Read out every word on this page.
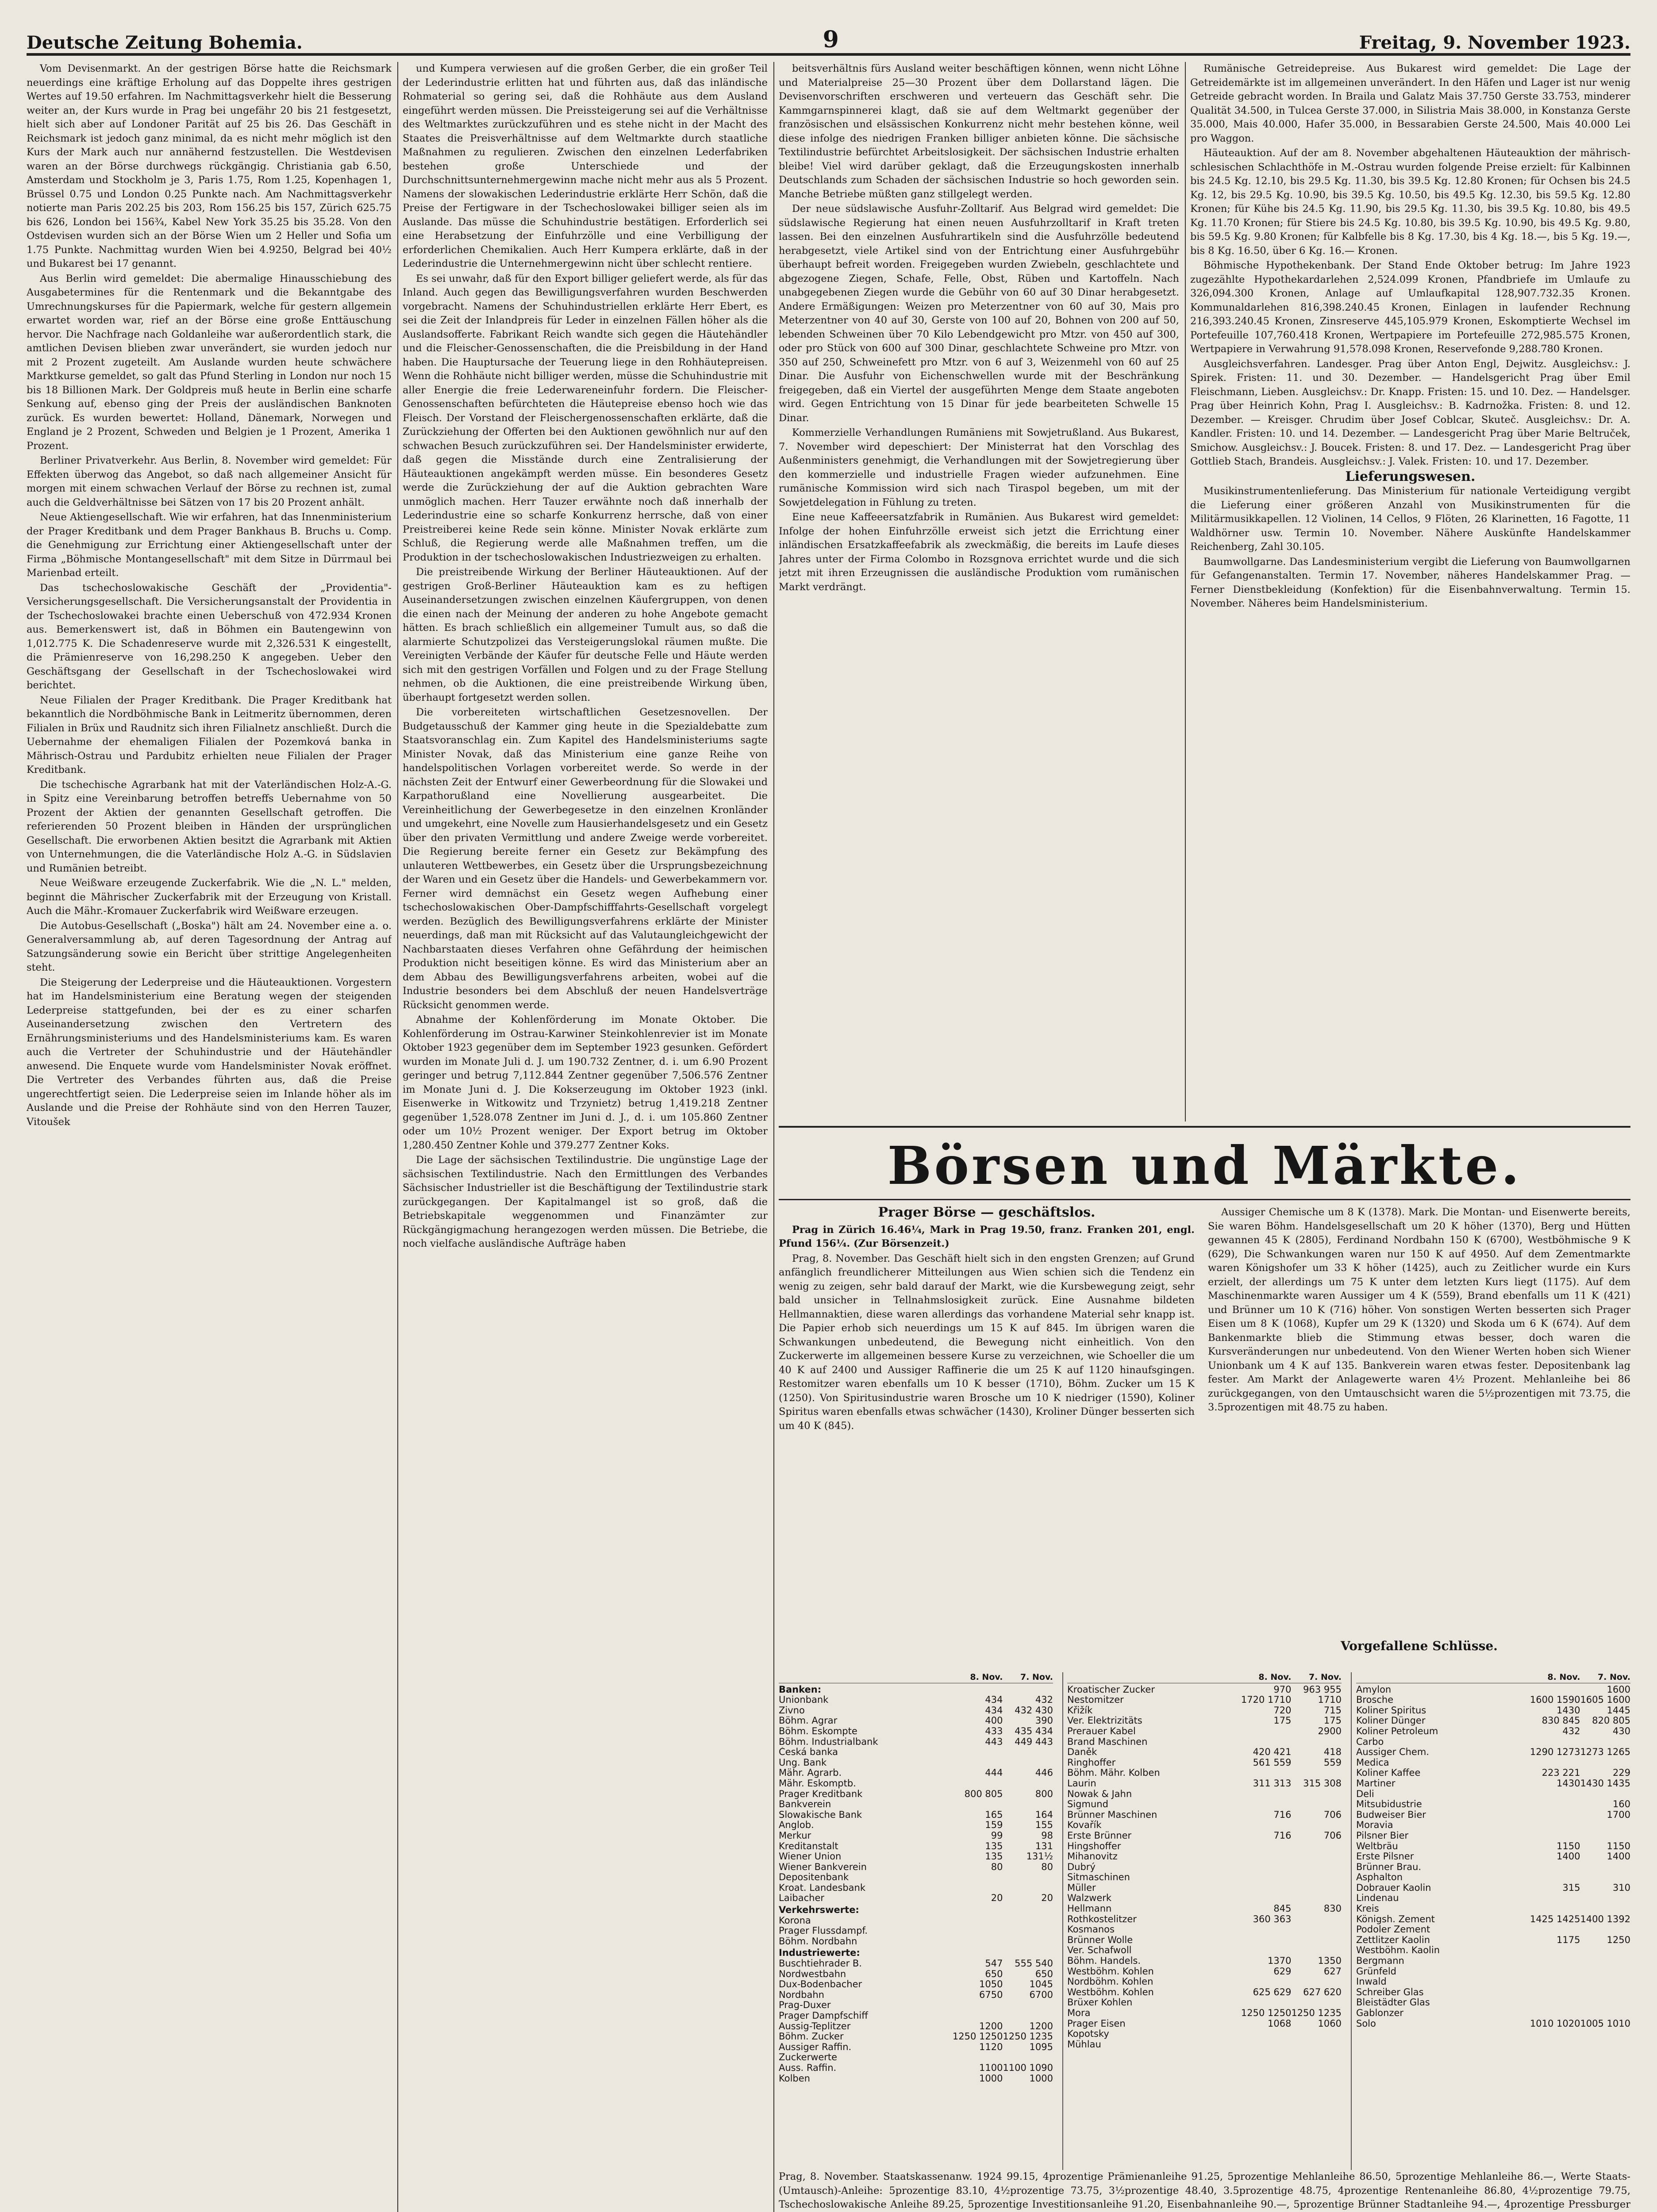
Deutsche Zeitung Bohemia.	9	Freitag, 9. November 1923.

Vom Devisenmarkt. An der gestrigen Börse hatte die Reichsmark neuerdings eine kräftige Erholung auf das Doppelte ihres gestrigen Wertes auf 19.50 erfahren. Im Nachmittagsverkehr hielt die Besserung weiter an, der Kurs wurde in Prag bei ungefähr 20 bis 21 festgesetzt, hielt sich aber auf Londoner Parität auf 25 bis 26. Das Geschäft in Reichsmark ist jedoch ganz minimal, da es nicht mehr möglich ist den Kurs der Mark auch nur annähernd festzustellen. Die Westdevisen waren an der Börse durchwegs rückgängig. Christiania gab 6.50, Amsterdam und Stockholm je 3, Paris 1.75, Rom 1.25, Kopenhagen 1, Brüssel 0.75 und London 0.25 Punkte nach. Am Nachmittagsverkehr notierte man Paris 202.25 bis 203, Rom 156.25 bis 157, Zürich 625.75 bis 626, London bei 156¾, Kabel New York 35.25 bis 35.28. Von den Ostdevisen wurden sich an der Börse Wien um 2 Heller und Sofia um 1.75 Punkte. Nachmittag wurden Wien bei 4.9250, Belgrad bei 40½ und Bukarest bei 17 genannt.

Aus Berlin wird gemeldet: Die abermalige Hinausschiebung des Ausgabetermines für die Rentenmark und die Bekanntgabe des Umrechnungskurses für die Papiermark, welche für gestern allgemein erwartet worden war, rief an der Börse eine große Enttäuschung hervor. Die Nachfrage nach Goldanleihe war außerordentlich stark, die amtlichen Devisen blieben zwar unverändert, sie wurden jedoch nur mit 2 Prozent zugeteilt. Am Auslande wurden heute schwächere Marktkurse gemeldet, so galt das Pfund Sterling in London nur noch 15 bis 18 Billionen Mark. Der Goldpreis muß heute in Berlin eine scharfe Senkung auf, ebenso ging der Preis der ausländischen Banknoten zurück. Es wurden bewertet: Holland, Dänemark, Norwegen und England je 2 Prozent, Schweden und Belgien je 1 Prozent, Amerika 1 Prozent.

Berliner Privatverkehr. Aus Berlin, 8. November wird gemeldet: Für Effekten überwog das Angebot, so daß nach allgemeiner Ansicht für morgen mit einem schwachen Verlauf der Börse zu rechnen ist, zumal auch die Geldverhältnisse bei Sätzen von 17 bis 20 Prozent anhält.

Neue Aktiengesellschaft. Wie wir erfahren, hat das Innenministerium der Prager Kreditbank und dem Prager Bankhaus B. Bruchs u. Comp. die Genehmigung zur Errichtung einer Aktiengesellschaft unter der Firma „Böhmische Montangesellschaft" mit dem Sitze in Dürrmaul bei Marienbad erteilt.

Das tschechoslowakische Geschäft der „Providentia"-Versicherungsgesellschaft. Die Versicherungsanstalt der Providentia in der Tschechoslowakei brachte einen Ueberschuß von 472.934 Kronen aus. Bemerkenswert ist, daß in Böhmen ein Bautengewinn von 1,012.775 K. Die Schadenreserve wurde mit 2,326.531 K eingestellt, die Prämienreserve von 16,298.250 K angegeben. Ueber den Geschäftsgang der Gesellschaft in der Tschechoslowakei wird berichtet.

Neue Filialen der Prager Kreditbank. Die Prager Kreditbank hat bekanntlich die Nordböhmische Bank in Leitmeritz übernommen, deren Filialen in Brüx und Raudnitz sich ihren Filialnetz anschließt. Durch die Uebernahme der ehemaligen Filialen der Pozemková banka in Mährisch-Ostrau und Pardubitz erhielten neue Filialen der Prager Kreditbank.

Die tschechische Agrarbank hat mit der Vaterländischen Holz-A.-G. in Spitz eine Vereinbarung betroffen betreffs Uebernahme von 50 Prozent der Aktien der genannten Gesellschaft getroffen. Die referierenden 50 Prozent bleiben in Händen der ursprünglichen Gesellschaft. Die erworbenen Aktien besitzt die Agrarbank mit Aktien von Unternehmungen, die die Vaterländische Holz A.-G. in Südslavien und Rumänien betreibt.

Neue Weißware erzeugende Zuckerfabrik. Wie die „N. L." melden, beginnt die Mährischer Zuckerfabrik mit der Erzeugung von Kristall. Auch die Mähr.-Kromauer Zuckerfabrik wird Weißware erzeugen.

Die Autobus-Gesellschaft („Boska") hält am 24. November eine a. o. Generalversammlung ab, auf deren Tagesordnung der Antrag auf Satzungsänderung sowie ein Bericht über strittige Angelegenheiten steht.

Die Steigerung der Lederpreise und die Häuteauktionen. Vorgestern hat im Handelsministerium eine Beratung wegen der steigenden Lederpreise stattgefunden, bei der es zu einer scharfen Auseinandersetzung zwischen den Vertretern des Ernährungsministeriums und des Handelsministeriums kam. Es waren auch die Vertreter der Schuhindustrie und der Häutehändler anwesend. Die Enquete wurde vom Handelsminister Novak eröffnet. Die Vertreter des Verbandes führten aus, daß die Preise ungerechtfertigt seien. Die Lederpreise seien im Inlande höher als im Auslande und die Preise der Rohhäute sind von den Herren Tauzer, Vitoušek

und Kumpera verwiesen auf die großen Gerber, die ein großer Teil der Lederindustrie erlitten hat und führten aus, daß das inländische Rohmaterial so gering sei, daß die Rohhäute aus dem Ausland eingeführt werden müssen. Die Preissteigerung sei auf die Verhältnisse des Weltmarktes zurückzuführen und es stehe nicht in der Macht des Staates die Preisverhältnisse auf dem Weltmarkte durch staatliche Maßnahmen zu regulieren. Zwischen den einzelnen Lederfabriken bestehen große Unterschiede und der Durchschnittsunternehmergewinn mache nicht mehr aus als 5 Prozent. Namens der slowakischen Lederindustrie erklärte Herr Schön, daß die Preise der Fertigware in der Tschechoslowakei billiger seien als im Auslande. Das müsse die Schuhindustrie bestätigen. Erforderlich sei eine Herabsetzung der Einfuhrzölle und eine Verbilligung der erforderlichen Chemikalien. Auch Herr Kumpera erklärte, daß in der Lederindustrie die Unternehmergewinn nicht über schlecht rentiere.

Es sei unwahr, daß für den Export billiger geliefert werde, als für das Inland. Auch gegen das Bewilligungsverfahren wurden Beschwerden vorgebracht. Namens der Schuhindustriellen erklärte Herr Ebert, es sei die Zeit der Inlandpreis für Leder in einzelnen Fällen höher als die Auslandsofferte. Fabrikant Reich wandte sich gegen die Häutehändler und die Fleischer-Genossenschaften, die die Preisbildung in der Hand haben. Die Hauptursache der Teuerung liege in den Rohhäutepreisen. Wenn die Rohhäute nicht billiger werden, müsse die Schuhindustrie mit aller Energie die freie Lederwareneinfuhr fordern. Die Fleischer-Genossenschaften befürchteten die Häutepreise ebenso hoch wie das Fleisch. Der Vorstand der Fleischergenossenschaften erklärte, daß die Zurückziehung der Offerten bei den Auktionen gewöhnlich nur auf den schwachen Besuch zurückzuführen sei. Der Handelsminister erwiderte, daß gegen die Misstände durch eine Zentralisierung der Häuteauktionen angekämpft werden müsse. Ein besonderes Gesetz werde die Zurückziehung der auf die Auktion gebrachten Ware unmöglich machen. Herr Tauzer erwähnte noch daß innerhalb der Lederindustrie eine so scharfe Konkurrenz herrsche, daß von einer Preistreiberei keine Rede sein könne. Minister Novak erklärte zum Schluß, die Regierung werde alle Maßnahmen treffen, um die Produktion in der tschechoslowakischen Industriezweigen zu erhalten.

Die preistreibende Wirkung der Berliner Häuteauktionen. Auf der gestrigen Groß-Berliner Häuteauktion kam es zu heftigen Auseinandersetzungen zwischen einzelnen Käufergruppen, von denen die einen nach der Meinung der anderen zu hohe Angebote gemacht hätten. Es brach schließlich ein allgemeiner Tumult aus, so daß die alarmierte Schutzpolizei das Versteigerungslokal räumen mußte. Die Vereinigten Verbände der Käufer für deutsche Felle und Häute werden sich mit den gestrigen Vorfällen und Folgen und zu der Frage Stellung nehmen, ob die Auktionen, die eine preistreibende Wirkung üben, überhaupt fortgesetzt werden sollen.

Die vorbereiteten wirtschaftlichen Gesetzesnovellen. Der Budgetausschuß der Kammer ging heute in die Spezialdebatte zum Staatsvoranschlag ein. Zum Kapitel des Handelsministeriums sagte Minister Novak, daß das Ministerium eine ganze Reihe von handelspolitischen Vorlagen vorbereitet werde. So werde in der nächsten Zeit der Entwurf einer Gewerbeordnung für die Slowakei und Karpathorußland eine Novellierung ausgearbeitet. Die Vereinheitlichung der Gewerbegesetze in den einzelnen Kronländer und umgekehrt, eine Novelle zum Hausierhandelsgesetz und ein Gesetz über den privaten Vermittlung und andere Zweige werde vorbereitet. Die Regierung bereite ferner ein Gesetz zur Bekämpfung des unlauteren Wettbewerbes, ein Gesetz über die Ursprungsbezeichnung der Waren und ein Gesetz über die Handels- und Gewerbekammern vor. Ferner wird demnächst ein Gesetz wegen Aufhebung einer tschechoslowakischen Ober-Dampfschifffahrts-Gesellschaft vorgelegt werden. Bezüglich des Bewilligungsverfahrens erklärte der Minister neuerdings, daß man mit Rücksicht auf das Valutaungleichgewicht der Nachbarstaaten dieses Verfahren ohne Gefährdung der heimischen Produktion nicht beseitigen könne. Es wird das Ministerium aber an dem Abbau des Bewilligungsverfahrens arbeiten, wobei auf die Industrie besonders bei dem Abschluß der neuen Handelsverträge Rücksicht genommen werde.

Abnahme der Kohlenförderung im Monate Oktober. Die Kohlenförderung im Ostrau-Karwiner Steinkohlenrevier ist im Monate Oktober 1923 gegenüber dem im September 1923 gesunken. Gefördert wurden im Monate Juli d. J. um 190.732 Zentner, d. i. um 6.90 Prozent geringer und betrug 7,112.844 Zentner gegenüber 7,506.576 Zentner im Monate Juni d. J. Die Kokserzeugung im Oktober 1923 (inkl. Eisenwerke in Witkowitz und Trzynietz) betrug 1,419.218 Zentner gegenüber 1,528.078 Zentner im Juni d. J., d. i. um 105.860 Zentner oder um 10½ Prozent weniger. Der Export betrug im Oktober 1,280.450 Zentner Kohle und 379.277 Zentner Koks.

Die Lage der sächsischen Textilindustrie. Die ungünstige Lage der sächsischen Textilindustrie. Nach den Ermittlungen des Verbandes Sächsischer Industrieller ist die Beschäftigung der Textilindustrie stark zurückgegangen. Der Kapitalmangel ist so groß, daß die Betriebskapitale weggenommen und Finanzämter zur Rückgängigmachung herangezogen werden müssen. Die Betriebe, die noch vielfache ausländische Aufträge haben

beitsverhältnis fürs Ausland weiter beschäftigen können, wenn nicht Löhne und Materialpreise 25—30 Prozent über dem Dollarstand lägen. Die Devisenvorschriften erschweren und verteuern das Geschäft sehr. Die Kammgarnspinnerei klagt, daß sie auf dem Weltmarkt gegenüber der französischen und elsässischen Konkurrenz nicht mehr bestehen könne, weil diese infolge des niedrigen Franken billiger anbieten könne. Die sächsische Textilindustrie befürchtet Arbeitslosigkeit. Der sächsischen Industrie erhalten bleibe! Viel wird darüber geklagt, daß die Erzeugungskosten innerhalb Deutschlands zum Schaden der sächsischen Industrie so hoch geworden sein. Manche Betriebe müßten ganz stillgelegt werden.

Der neue südslawische Ausfuhr-Zolltarif. Aus Belgrad wird gemeldet: Die südslawische Regierung hat einen neuen Ausfuhrzolltarif in Kraft treten lassen. Bei den einzelnen Ausfuhrartikeln sind die Ausfuhrzölle bedeutend herabgesetzt, viele Artikel sind von der Entrichtung einer Ausfuhrgebühr überhaupt befreit worden. Freigegeben wurden Zwiebeln, geschlachtete und abgezogene Ziegen, Schafe, Felle, Obst, Rüben und Kartoffeln. Nach unabgegebenen Ziegen wurde die Gebühr von 60 auf 30 Dinar herabgesetzt. Andere Ermäßigungen: Weizen pro Meterzentner von 60 auf 30, Mais pro Meterzentner von 40 auf 30, Gerste von 100 auf 20, Bohnen von 200 auf 50, lebenden Schweinen über 70 Kilo Lebendgewicht pro Mtzr. von 450 auf 300, oder pro Stück von 600 auf 300 Dinar, geschlachtete Schweine pro Mtzr. von 350 auf 250, Schweinefett pro Mtzr. von 6 auf 3, Weizenmehl von 60 auf 25 Dinar. Die Ausfuhr von Eichenschwellen wurde mit der Beschränkung freigegeben, daß ein Viertel der ausgeführten Menge dem Staate angeboten wird. Gegen Entrichtung von 15 Dinar für jede bearbeiteten Schwelle 15 Dinar.

Kommerzielle Verhandlungen Rumäniens mit Sowjetrußland. Aus Bukarest, 7. November wird depeschiert: Der Ministerrat hat den Vorschlag des Außenministers genehmigt, die Verhandlungen mit der Sowjetregierung über den kommerzielle und industrielle Fragen wieder aufzunehmen. Eine rumänische Kommission wird sich nach Tiraspol begeben, um mit der Sowjetdelegation in Fühlung zu treten.

Eine neue Kaffeeersatzfabrik in Rumänien. Aus Bukarest wird gemeldet: Infolge der hohen Einfuhrzölle erweist sich jetzt die Errichtung einer inländischen Ersatzkaffeefabrik als zweckmäßig, die bereits im Laufe dieses Jahres unter der Firma Colombo in Rozsgnova errichtet wurde und die sich jetzt mit ihren Erzeugnissen die ausländische Produktion vom rumänischen Markt verdrängt.

Rumänische Getreidepreise. Aus Bukarest wird gemeldet: Die Lage der Getreidemärkte ist im allgemeinen unverändert. In den Häfen und Lager ist nur wenig Getreide gebracht worden. In Braila und Galatz Mais 37.750 Gerste 33.753, minderer Qualität 34.500, in Tulcea Gerste 37.000, in Silistria Mais 38.000, in Konstanza Gerste 35.000, Mais 40.000, Hafer 35.000, in Bessarabien Gerste 24.500, Mais 40.000 Lei pro Waggon.

Häuteauktion. Auf der am 8. November abgehaltenen Häuteauktion der mährisch-schlesischen Schlachthöfe in M.-Ostrau wurden folgende Preise erzielt: für Kalbinnen bis 24.5 Kg. 12.10, bis 29.5 Kg. 11.30, bis 39.5 Kg. 12.80 Kronen; für Ochsen bis 24.5 Kg. 12, bis 29.5 Kg. 10.90, bis 39.5 Kg. 10.50, bis 49.5 Kg. 12.30, bis 59.5 Kg. 12.80 Kronen; für Kühe bis 24.5 Kg. 11.90, bis 29.5 Kg. 11.30, bis 39.5 Kg. 10.80, bis 49.5 Kg. 11.70 Kronen; für Stiere bis 24.5 Kg. 10.80, bis 39.5 Kg. 10.90, bis 49.5 Kg. 9.80, bis 59.5 Kg. 9.80 Kronen; für Kalbfelle bis 8 Kg. 17.30, bis 4 Kg. 18.—, bis 5 Kg. 19.—, bis 8 Kg. 16.50, über 6 Kg. 16.— Kronen.

Böhmische Hypothekenbank. Der Stand Ende Oktober betrug: Im Jahre 1923 zugezählte Hypothekardarlehen 2,524.099 Kronen, Pfandbriefe im Umlaufe zu 326,094.300 Kronen, Anlage auf Umlaufkapital 128,907.732.35 Kronen. Kommunaldarlehen 816,398.240.45 Kronen, Einlagen in laufender Rechnung 216,393.240.45 Kronen, Zinsreserve 445,105.979 Kronen, Eskomptierte Wechsel im Portefeuille 107,760.418 Kronen, Wertpapiere im Portefeuille 272,985.575 Kronen, Wertpapiere in Verwahrung 91,578.098 Kronen, Reservefonde 9,288.780 Kronen.

Ausgleichsverfahren. Landesger. Prag über Anton Engl, Dejwitz. Ausgleichsv.: J. Spirek. Fristen: 11. und 30. Dezember. — Handelsgericht Prag über Emil Fleischmann, Lieben. Ausgleichsv.: Dr. Knapp. Fristen: 15. und 10. Dez. — Handelsger. Prag über Heinrich Kohn, Prag I. Ausgleichsv.: B. Kadrnožka. Fristen: 8. und 12. Dezember. — Kreisger. Chrudim über Josef Coblcar, Skuteč. Ausgleichsv.: Dr. A. Kandler. Fristen: 10. und 14. Dezember. — Landesgericht Prag über Marie Beltruček, Smichow. Ausgleichsv.: J. Boucek. Fristen: 8. und 17. Dez. — Landesgericht Prag über Gottlieb Stach, Brandeis. Ausgleichsv.: J. Valek. Fristen: 10. und 17. Dezember.

Lieferungswesen.

Musikinstrumentenlieferung. Das Ministerium für nationale Verteidigung vergibt die Lieferung einer größeren Anzahl von Musikinstrumenten für die Militärmusikkapellen. 12 Violinen, 14 Cellos, 9 Flöten, 26 Klarinetten, 16 Fagotte, 11 Waldhörner usw. Termin 10. November. Nähere Auskünfte Handelskammer Reichenberg, Zahl 30.105.

Baumwollgarne. Das Landesministerium vergibt die Lieferung von Baumwollgarnen für Gefangenanstalten. Termin 17. November, näheres Handelskammer Prag. — Ferner Dienstbekleidung (Konfektion) für die Eisenbahnverwaltung. Termin 15. November. Näheres beim Handelsministerium.

Börsen und Märkte.

Prager Börse — geschäftslos.

Prag in Zürich 16.46¼, Mark in Prag 19.50, franz. Franken 201, engl. Pfund 156¼. (Zur Börsenzeit.)

Prag, 8. November. Das Geschäft hielt sich in den engsten Grenzen; auf Grund anfänglich freundlicherer Mitteilungen aus Wien schien sich die Tendenz ein wenig zu zeigen, sehr bald darauf der Markt, wie die Kursbewegung zeigt, sehr bald unsicher in Tellnahmslosigkeit zurück. Eine Ausnahme bildeten Hellmannaktien, diese waren allerdings das vorhandene Material sehr knapp ist. Die Papier erhob sich neuerdings um 15 K auf 845. Im übrigen waren die Schwankungen unbedeutend, die Bewegung nicht einheitlich. Von den Zuckerwerte im allgemeinen bessere Kurse zu verzeichnen, wie Schoeller die um 40 K auf 2400 und Aussiger Raffinerie die um 25 K auf 1120 hinaufsgingen. Restomitzer waren ebenfalls um 10 K besser (1710), Böhm. Zucker um 15 K (1250). Von Spiritusindustrie waren Brosche um 10 K niedriger (1590), Koliner Spiritus waren ebenfalls etwas schwächer (1430), Kroliner Dünger besserten sich um 40 K (845).

Aussiger Chemische um 8 K (1378). Mark. Die Montan- und Eisenwerte bereits, Sie waren Böhm. Handelsgesellschaft um 20 K höher (1370), Berg und Hütten gewannen 45 K (2805), Ferdinand Nordbahn 150 K (6700), Westböhmische 9 K (629), Die Schwankungen waren nur 150 K auf 4950. Auf dem Zementmarkte waren Königshofer um 33 K höher (1425), auch zu Zeitlicher wurde ein Kurs erzielt, der allerdings um 75 K unter dem letzten Kurs liegt (1175). Auf dem Maschinenmarkte waren Aussiger um 4 K (559), Brand ebenfalls um 11 K (421) und Brünner um 10 K (716) höher. Von sonstigen Werten besserten sich Prager Eisen um 8 K (1068), Kupfer um 29 K (1320) und Skoda um 6 K (674). Auf dem Bankenmarkte blieb die Stimmung etwas besser, doch waren die Kursveränderungen nur unbedeutend. Von den Wiener Werten hoben sich Wiener Unionbank um 4 K auf 135. Bankverein waren etwas fester. Depositenbank lag fester. Am Markt der Anlagewerte waren 4½ Prozent. Mehlanleihe bei 86 zurückgegangen, von den Umtauschsicht waren die 5½prozentigen mit 73.75, die 3.5prozentigen mit 48.75 zu haben.

Vorgefallene Schlüsse.

	8. Nov.	7. Nov.
Banken:		
Unionbank	434	432
Zivno	434	432 430
Böhm. Agrar	400	390
Böhm. Eskompte	433	435 434
Böhm. Industrialbank	443	449 443
Česká banka		
Ung. Bank		
Mähr. Agrarb.	444	446
Mähr. Eskomptb.		
Prager Kreditbank	800 805	800
Bankverein		
Slowakische Bank	165	164
Anglob.	159	155
Merkur	99	98
Kreditanstalt	135	131
Wiener Union	135	131½
Wiener Bankverein	80	80
Depositenbank		
Kroat. Landesbank		
Laibacher	20	20
Verkehrswerte:		
Korona		
Prager Flussdampf.		
Böhm. Nordbahn		
Industriewerte:		
Buschtiehrader B.	547	555 540
Nordwestbahn	650	650
Dux-Bodenbacher	1050	1045
Nordbahn	6750	6700
Prag-Duxer		
Prager Dampfschiff		
Aussig-Teplitzer	1200	1200
Böhm. Zucker	1250 1250	1250 1235
Aussiger Raffin.	1120	1095
Zuckerwerte		
Auss. Raffin.	1100	1100 1090
Kolben	1000	1000
	8. Nov.	7. Nov.

Kroatischer Zucker	970	963 955
Nestomitzer	1720 1710	1710

Křižík	720	715
Ver. Elektrizitäts	175	175
Prerauer Kabel		2900
Brand Maschinen		
Daněk	420 421	418
Ringhoffer	561 559	559
Böhm. Mähr. Kolben		
Laurin	311 313	315 308
Nowak & Jahn		
Sigmund		
Brünner Maschinen	716	706
Kovařík		
Erste Brünner	716	706
Hingshoffer		
Mihanovitz		
Dubrý		
Sitmaschinen		
Müller		
Walzwerk		
Hellmann	845	830
Rothkostelitzer	360 363	
Kosmanos		
Brünner Wolle		
Ver. Schafwoll		
Böhm. Handels.	1370	1350
Westböhm. Kohlen	629	627
Nordböhm. Kohlen		
Westböhm. Kohlen	625 629	627 620
Brüxer Kohlen		
Mora	1250 1250	1250 1235
Prager Eisen	1068	1060
Kopotsky		
Mühlau		
	8. Nov.	7. Nov.

Amylon		1600
Brosche	1600 1590	1605 1600
Koliner Spiritus	1430	1445
Koliner Dünger	830 845	820 805
Koliner Petroleum	432	430
Carbo		
Aussiger Chem.	1290 1273	1273 1265
Medica		

Koliner Kaffee	223 221	229
Martiner	1430	1430 1435
Deli		
Mitsubidustrie		160

Budweiser Bier		1700
Moravia		
Pilsner Bier		
Weltbräu	1150	1150
Erste Pilsner	1400	1400
Brünner Brau.		

Asphalton		
Dobrauer Kaolin	315	310
Lindenau		
Kreis		
Königsh. Zement	1425 1425	1400 1392
Podoler Zement		
Zettlitzer Kaolin	1175	1250
Westböhm. Kaolin		

Bergmann		
Grünfeld		
Inwald		
Schreiber Glas		
Bleistädter Glas		
Gablonzer		
Solo	1010 1020	1005 1010
Prag, 8. November. Staatskassenanw. 1924 99.15, 4prozentige Prämienanleihe 91.25, 5prozentige Mehlanleihe 86.50, 5prozentige Mehlanleihe 86.—, Werte Staats-(Umtausch)-Anleihe: 5prozentige 83.10, 4½prozentige 73.75, 3½prozentige 48.40, 3.5prozentige 48.75, 4prozentige Rentenanleihe 86.80, 4½prozentige 79.75, Tschechoslowakische Anleihe 89.25, 5prozentige Investitionsanleihe 91.20, Eisenbahnanleihe 90.—, 5prozentige Brünner Stadtanleihe 94.—, 4prozentige Pressburger
